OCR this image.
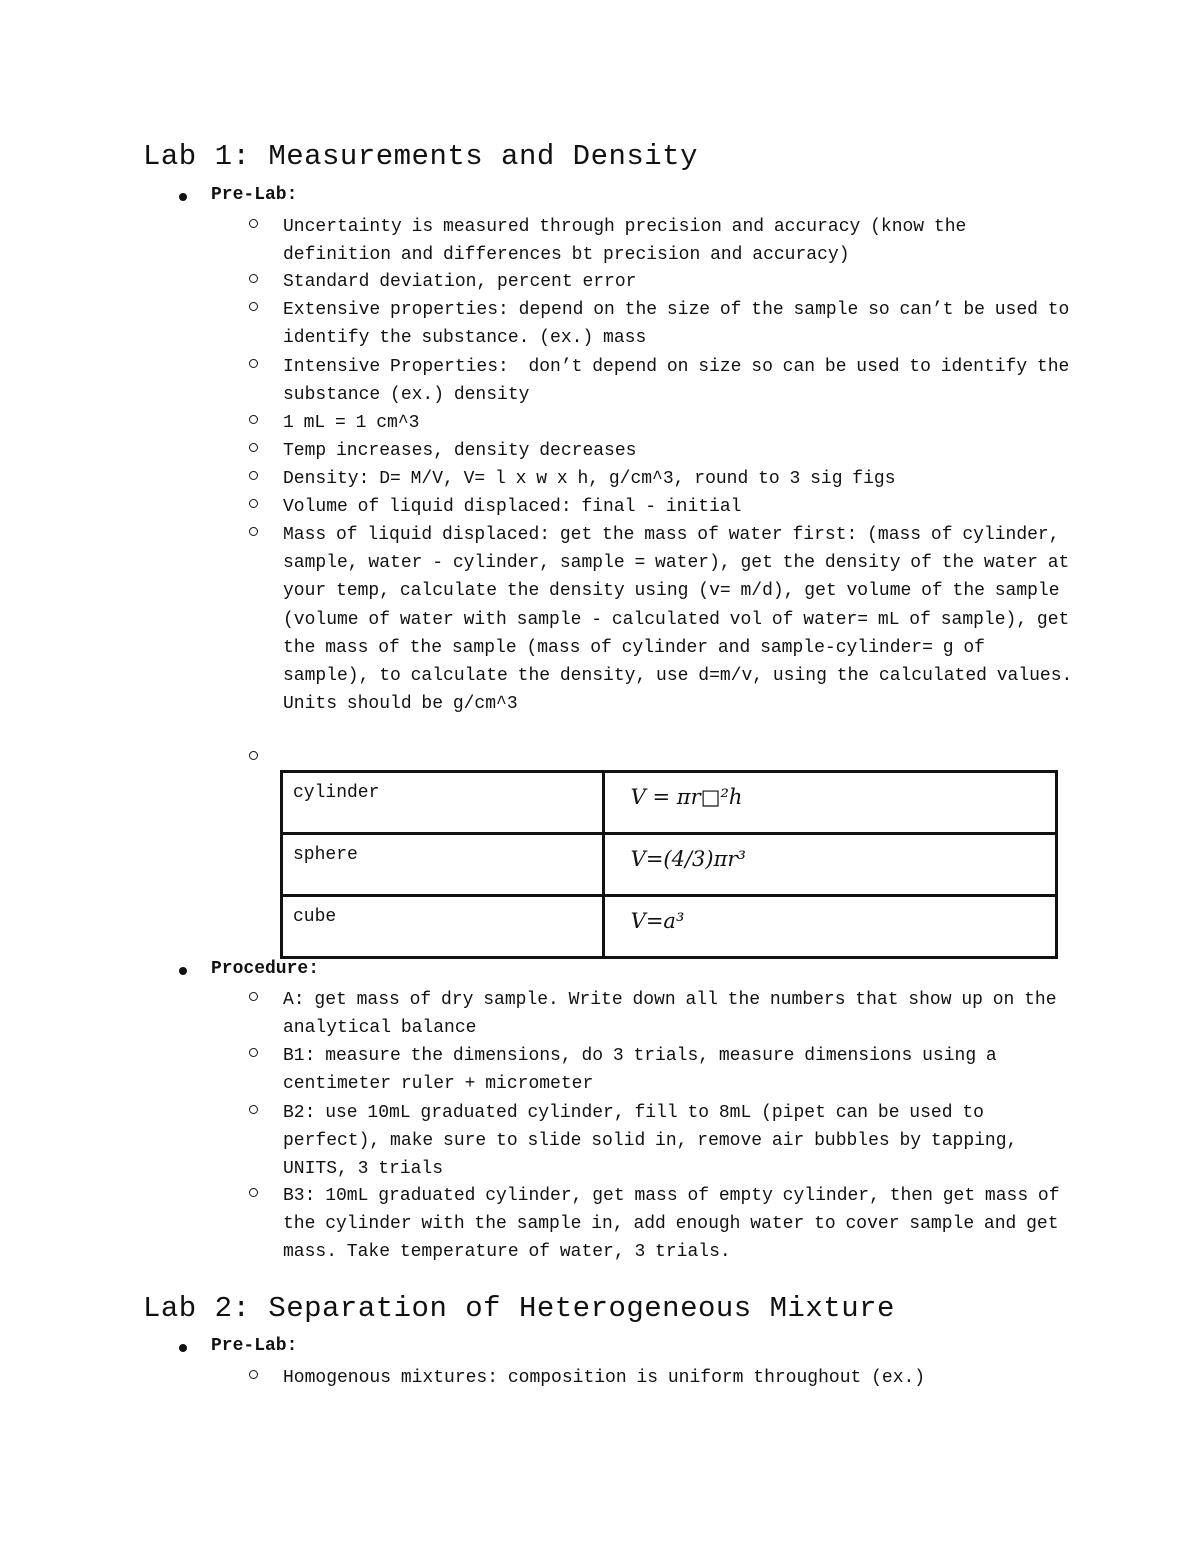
Lab 1: Measurements and Density
Pre-Lab:
Uncertainty is measured through precision and accuracy (know the definition and differences bt precision and accuracy)
Standard deviation, percent error
Extensive properties: depend on the size of the sample so can’t be used to identify the substance. (ex.) mass
Intensive Properties:  don’t depend on size so can be used to identify the substance (ex.) density
1 mL = 1 cm^3
Temp increases, density decreases
Density: D= M/V, V= l x w x h, g/cm^3, round to 3 sig figs
Volume of liquid displaced: final - initial
Mass of liquid displaced: get the mass of water first: (mass of cylinder, sample, water - cylinder, sample = water), get the density of the water at your temp, calculate the density using (v= m/d), get volume of the sample (volume of water with sample - calculated vol of water= mL of sample), get the mass of the sample (mass of cylinder and sample-cylinder= g of sample), to calculate the density, use d=m/v, using the calculated values. Units should be g/cm^3
cylinder	V = πr□²h
sphere	V=(4/3)πr³
cube	V=a³
Procedure:
A: get mass of dry sample. Write down all the numbers that show up on the analytical balance
B1: measure the dimensions, do 3 trials, measure dimensions using a centimeter ruler + micrometer
B2: use 10mL graduated cylinder, fill to 8mL (pipet can be used to perfect), make sure to slide solid in, remove air bubbles by tapping, UNITS, 3 trials
B3: 10mL graduated cylinder, get mass of empty cylinder, then get mass of the cylinder with the sample in, add enough water to cover sample and get mass. Take temperature of water, 3 trials.
Lab 2: Separation of Heterogeneous Mixture
Pre-Lab:
Homogenous mixtures: composition is uniform throughout (ex.)
